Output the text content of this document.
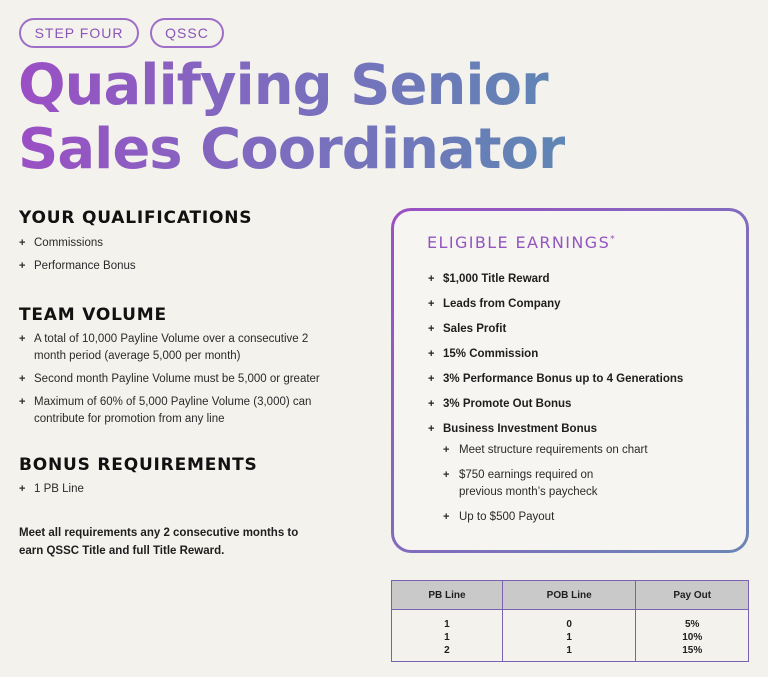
STEP FOUR	QSSC
Qualifying Senior
Sales Coordinator
YOUR QUALIFICATIONS
+ Commissions
+ Performance Bonus
TEAM VOLUME
+ A total of 10,000 Payline Volume over a consecutive 2 month period (average 5,000 per month)
+ Second month Payline Volume must be 5,000 or greater
+ Maximum of 60% of 5,000 Payline Volume (3,000) can contribute for promotion from any line
BONUS REQUIREMENTS
+ 1 PB Line

Meet all requirements any 2 consecutive months to earn QSSC Title and full Title Reward.

ELIGIBLE EARNINGS*
+ $1,000 Title Reward
+ Leads from Company
+ Sales Profit
+ 15% Commission
+ 3% Performance Bonus up to 4 Generations
+ 3% Promote Out Bonus
+ Business Investment Bonus
+ Meet structure requirements on chart
+ $750 earnings required on previous month’s paycheck
+ Up to $500 Payout
PB Line	POB Line	Pay Out
1	0	5%
1	1	10%
2	1	15%
